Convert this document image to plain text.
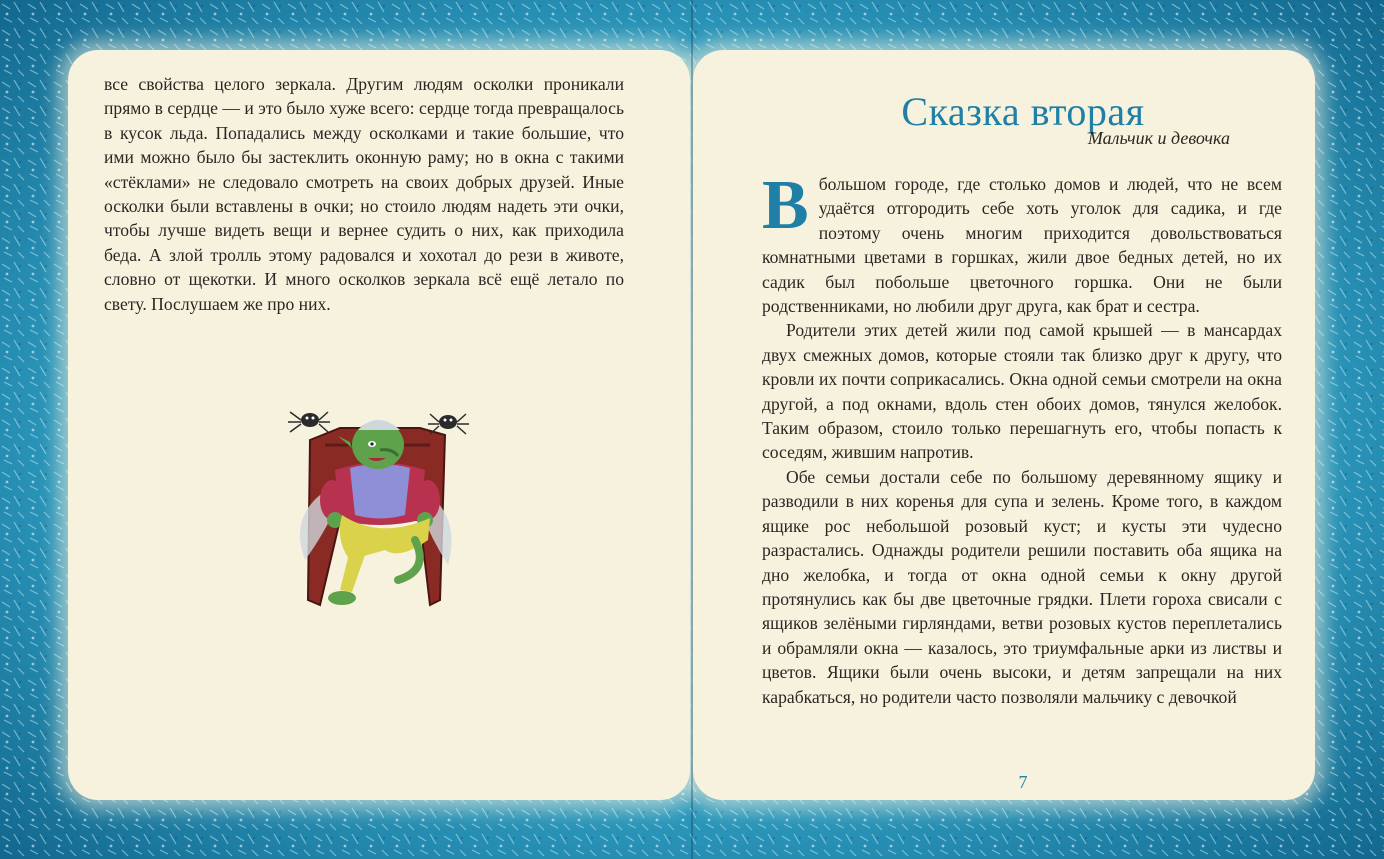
все свойства целого зеркала. Другим людям осколки проникали прямо в сердце — и это было хуже всего: сердце тогда превращалось в кусок льда. Попадались между осколками и такие большие, что ими можно было бы застеклить оконную раму; но в окна с такими «стёклами» не следовало смотреть на своих добрых друзей. Иные осколки были вставлены в очки; но стоило людям надеть эти очки, чтобы лучше видеть вещи и вернее судить о них, как приходила беда. А злой тролль этому радовался и хохотал до рези в животе, словно от щекотки. И много осколков зеркала всё ещё летало по свету. Послушаем же про них.

Сказка вторая
Мальчик и девочка

В большом городе, где столько домов и людей, что не всем удаётся отгородить себе хоть уголок для садика, и где поэтому очень многим приходится довольствоваться комнатными цветами в горшках, жили двое бедных детей, но их садик был побольше цветочного горшка. Они не были родственниками, но любили друг друга, как брат и сестра.

Родители этих детей жили под самой крышей — в мансардах двух смежных домов, которые стояли так близко друг к другу, что кровли их почти соприкасались. Окна одной семьи смотрели на окна другой, а под окнами, вдоль стен обоих домов, тянулся желобок. Таким образом, стоило только перешагнуть его, чтобы попасть к соседям, жившим напротив.

Обе семьи достали себе по большому деревянному ящику и разводили в них коренья для супа и зелень. Кроме того, в каждом ящике рос небольшой розовый куст; и кусты эти чудесно разрастались. Однажды родители решили поставить оба ящика на дно желобка, и тогда от окна одной семьи к окну другой протянулись как бы две цветочные грядки. Плети гороха свисали с ящиков зелёными гирляндами, ветви розовых кустов переплетались и обрамляли окна — казалось, это триумфальные арки из листвы и цветов. Ящики были очень высоки, и детям запрещали на них карабкаться, но родители часто позволяли мальчику с девочкой

7
